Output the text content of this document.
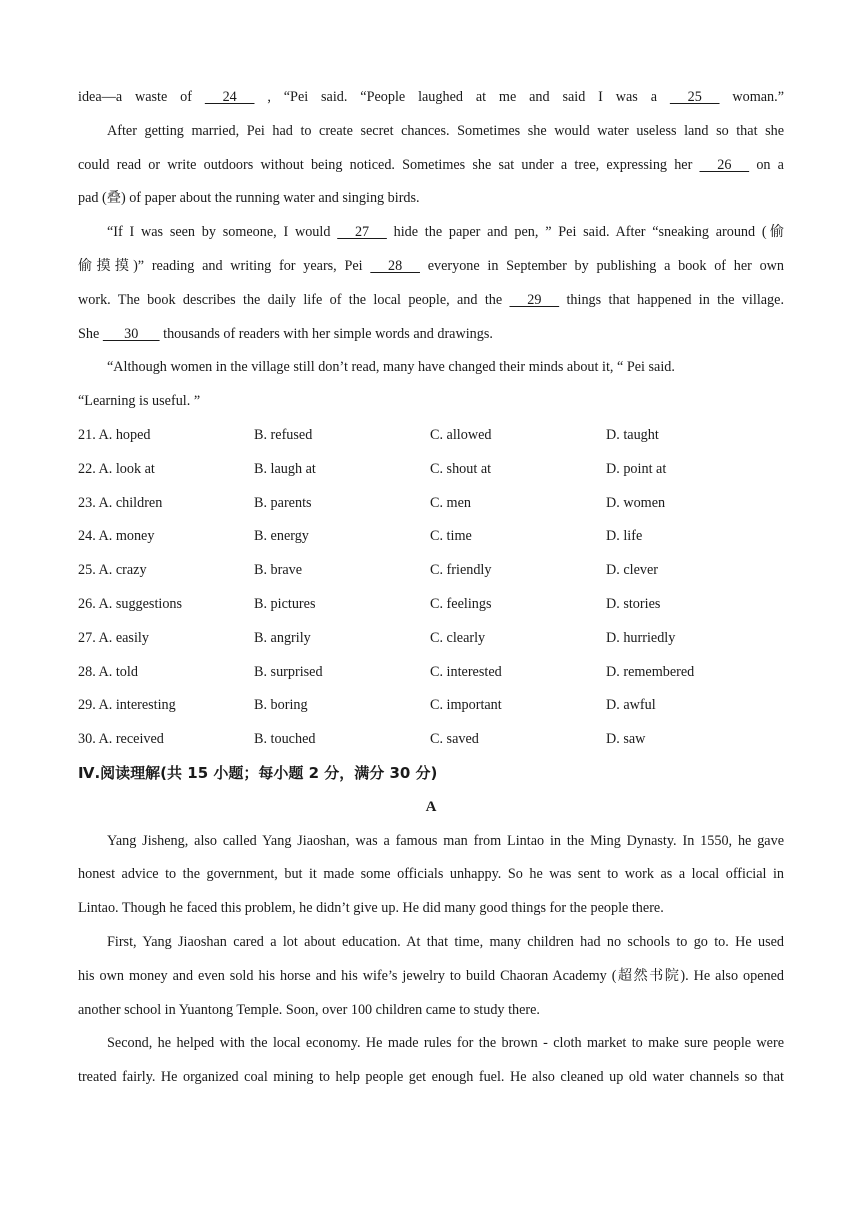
idea—a waste of      24      , “Pei said. “People laughed at me and said I was a      25      woman.”
After getting married, Pei had to create secret chances. Sometimes she would water useless land so that she
could read or write outdoors without being noticed. Sometimes she sat under a tree, expressing her      26      on a
pad (叠) of paper about the running water and singing birds.
“If I was seen by someone, I would      27      hide the paper and pen, ” Pei said. After “sneaking around (偷
偷摸摸)” reading and writing for years, Pei      28      everyone in September by publishing a book of her own
work. The book describes the daily life of the local people, and the      29      things that happened in the village.
She       30       thousands of readers with her simple words and drawings.
“Although women in the village still don’t read, many have changed their minds about it, “ Pei said.
“Learning is useful. ”
21. A. hoped	B. refused	C. allowed	D. taught
22. A. look at	B. laugh at	C. shout at	D. point at
23. A. children	B. parents	C. men	D. women
24. A. money	B. energy	C. time	D. life
25. A. crazy	B. brave	C. friendly	D. clever
26. A. suggestions	B. pictures	C. feelings	D. stories
27. A. easily	B. angrily	C. clearly	D. hurriedly
28. A. told	B. surprised	C. interested	D. remembered
29. A. interesting	B. boring	C. important	D. awful
30. A. received	B. touched	C. saved	D. saw
Ⅳ.阅读理解(共 15 小题；每小题 2 分，满分 30 分)
A
Yang Jisheng, also called Yang Jiaoshan, was a famous man from Lintao in the Ming Dynasty. In 1550, he gave
honest advice to the government, but it made some officials unhappy. So he was sent to work as a local official in
Lintao. Though he faced this problem, he didn’t give up. He did many good things for the people there.
First, Yang Jiaoshan cared a lot about education. At that time, many children had no schools to go to. He used
his own money and even sold his horse and his wife’s jewelry to build Chaoran Academy (超然书院). He also opened
another school in Yuantong Temple. Soon, over 100 children came to study there.
Second, he helped with the local economy. He made rules for the brown - cloth market to make sure people were
treated fairly. He organized coal mining to help people get enough fuel. He also cleaned up old water channels so that
